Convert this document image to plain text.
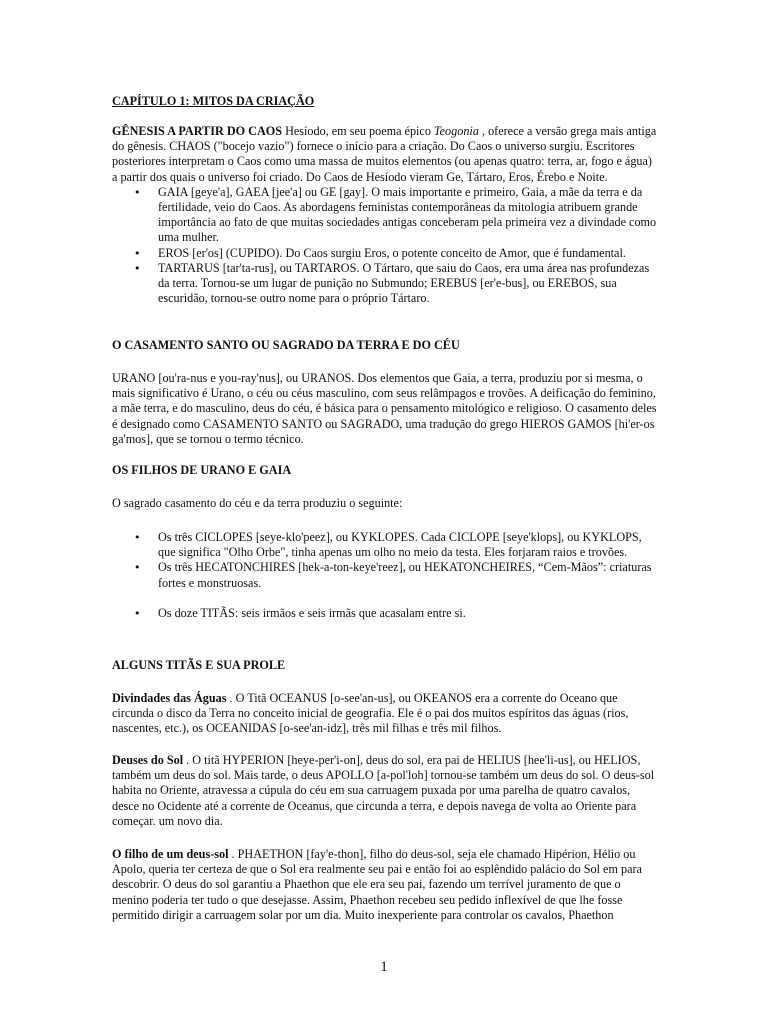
CAPÍTULO 1: MITOS DA CRIAÇÃO
GÊNESIS A PARTIR DO CAOS Hesíodo, em seu poema épico Teogonia , oferece a versão grega mais antiga do gênesis. CHAOS ("bocejo vazio") fornece o início para a criação. Do Caos o universo surgiu. Escritores posteriores interpretam o Caos como uma massa de muitos elementos (ou apenas quatro: terra, ar, fogo e água) a partir dos quais o universo foi criado. Do Caos de Hesíodo vieram Ge, Tártaro, Eros, Érebo e Noite.
• GAIA [geye'a], GAEA [jee'a] ou GE [gay]. O mais importante e primeiro, Gaia, a mãe da terra e da fertilidade, veio do Caos. As abordagens feministas contemporâneas da mitologia atribuem grande importância ao fato de que muitas sociedades antigas conceberam pela primeira vez a divindade como uma mulher.
• EROS [er'os] (CUPIDO). Do Caos surgiu Eros, o potente conceito de Amor, que é fundamental.
• TARTARUS [tar'ta-rus], ou TARTAROS. O Tártaro, que saiu do Caos, era uma área nas profundezas da terra. Tornou-se um lugar de punição no Submundo; EREBUS [er'e-bus], ou EREBOS, sua escuridão, tornou-se outro nome para o próprio Tártaro.
O CASAMENTO SANTO OU SAGRADO DA TERRA E DO CÉU
URANO [ou'ra-nus e you-ray'nus], ou URANOS. Dos elementos que Gaia, a terra, produziu por si mesma, o mais significativo é Urano, o céu ou céus masculino, com seus relâmpagos e trovões. A deificação do feminino, a mãe terra, e do masculino, deus do céu, é básica para o pensamento mitológico e religioso. O casamento deles é designado como CASAMENTO SANTO ou SAGRADO, uma tradução do grego HIEROS GAMOS [hi'er-os ga'mos], que se tornou o termo técnico.
OS FILHOS DE URANO E GAIA
O sagrado casamento do céu e da terra produziu o seguinte:
• Os três CICLOPES [seye-klo'peez], ou KYKLOPES. Cada CICLOPE [seye'klops], ou KYKLOPS, que significa "Olho Orbe", tinha apenas um olho no meio da testa. Eles forjaram raios e trovões.
• Os três HECATONCHIRES [hek-a-ton-keye'reez], ou HEKATONCHEIRES, “Cem-Mãos”: criaturas fortes e monstruosas.
• Os doze TITÃS: seis irmãos e seis irmãs que acasalam entre si.
ALGUNS TITÃS E SUA PROLE
Divindades das Águas . O Titã OCEANUS [o-see'an-us], ou OKEANOS era a corrente do Oceano que circunda o disco da Terra no conceito inicial de geografia. Ele é o pai dos muitos espíritos das águas (rios, nascentes, etc.), os OCEANIDAS [o-see'an-idz], três mil filhas e três mil filhos.
Deuses do Sol . O titã HYPERION [heye-per'i-on], deus do sol, era pai de HELIUS [hee'li-us], ou HELIOS, também um deus do sol. Mais tarde, o deus APOLLO [a-pol'loh] tornou-se também um deus do sol. O deus-sol habita no Oriente, atravessa a cúpula do céu em sua carruagem puxada por uma parelha de quatro cavalos, desce no Ocidente até a corrente de Oceanus, que circunda a terra, e depois navega de volta ao Oriente para começar. um novo dia.
O filho de um deus-sol . PHAETHON [fay'e-thon], filho do deus-sol, seja ele chamado Hipérion, Hélio ou Apolo, queria ter certeza de que o Sol era realmente seu pai e então foi ao esplêndido palácio do Sol em para descobrir. O deus do sol garantiu a Phaethon que ele era seu pai, fazendo um terrível juramento de que o menino poderia ter tudo o que desejasse. Assim, Phaethon recebeu seu pedido inflexível de que lhe fosse permitido dirigir a carruagem solar por um dia. Muito inexperiente para controlar os cavalos, Phaethon
1
